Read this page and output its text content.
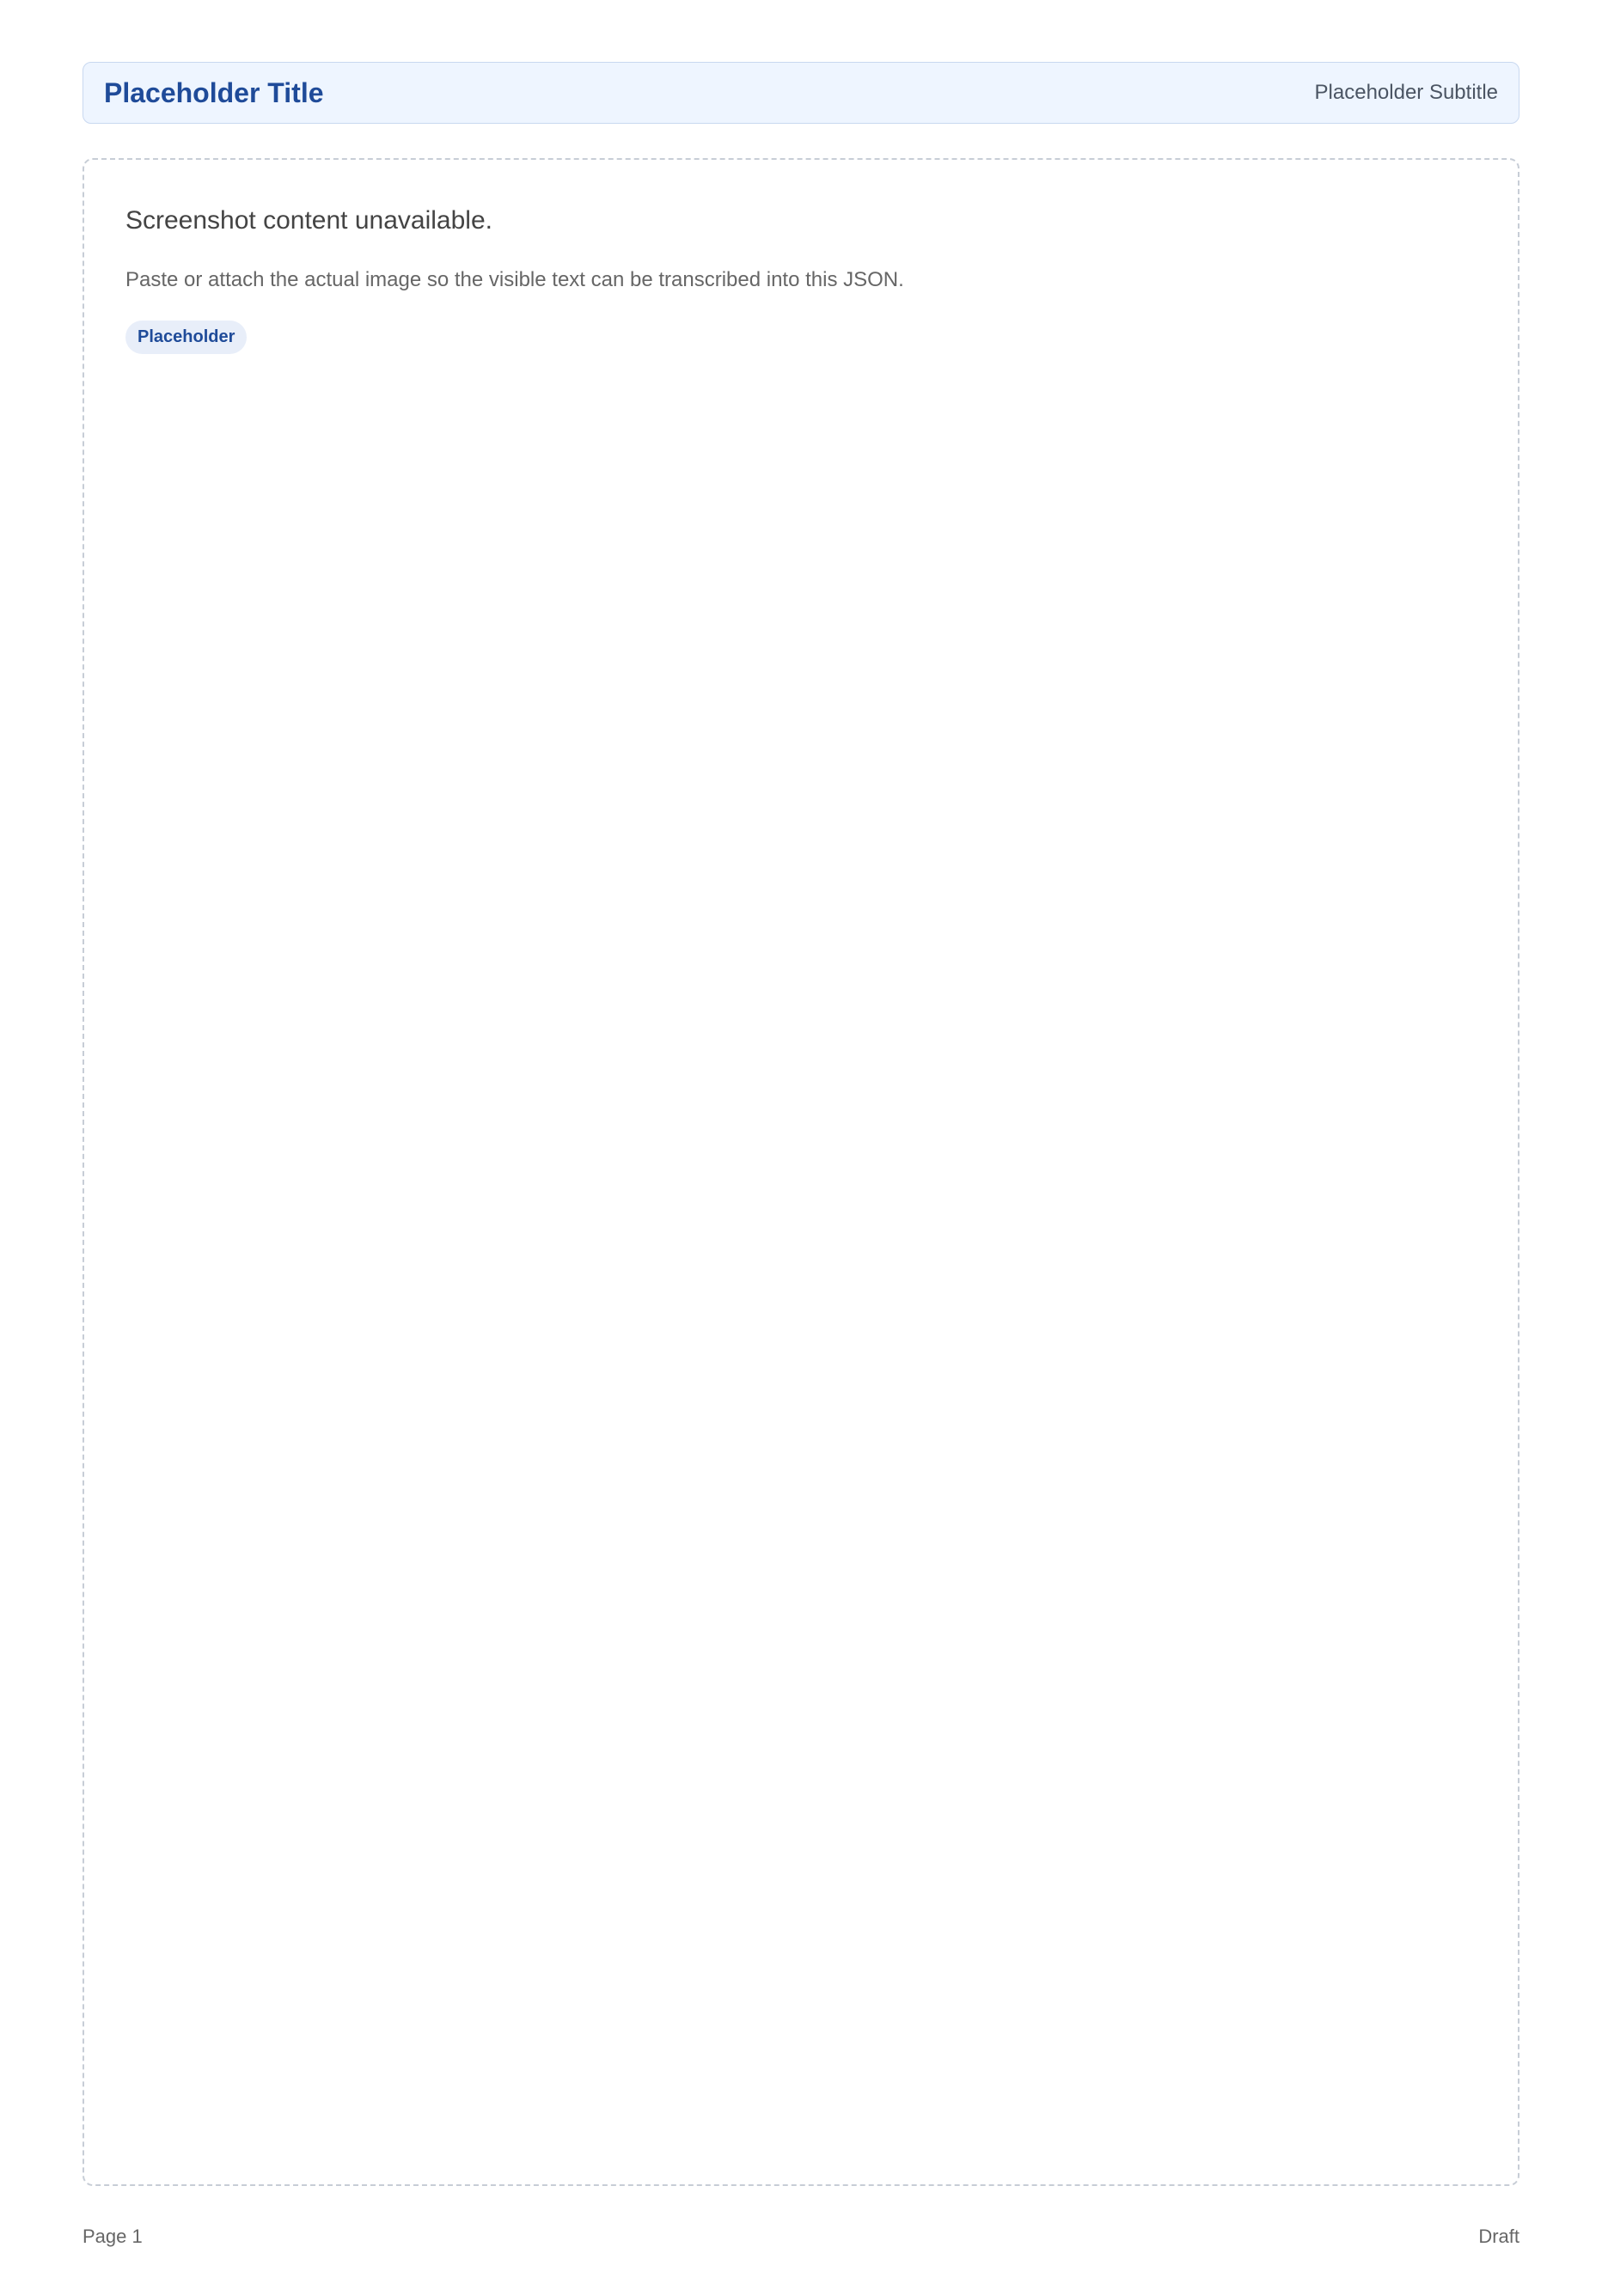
Placeholder Title	Placeholder Subtitle
Screenshot content unavailable.
Paste or attach the actual image so the visible text can be transcribed into this JSON.
Placeholder
Page 1	Draft
